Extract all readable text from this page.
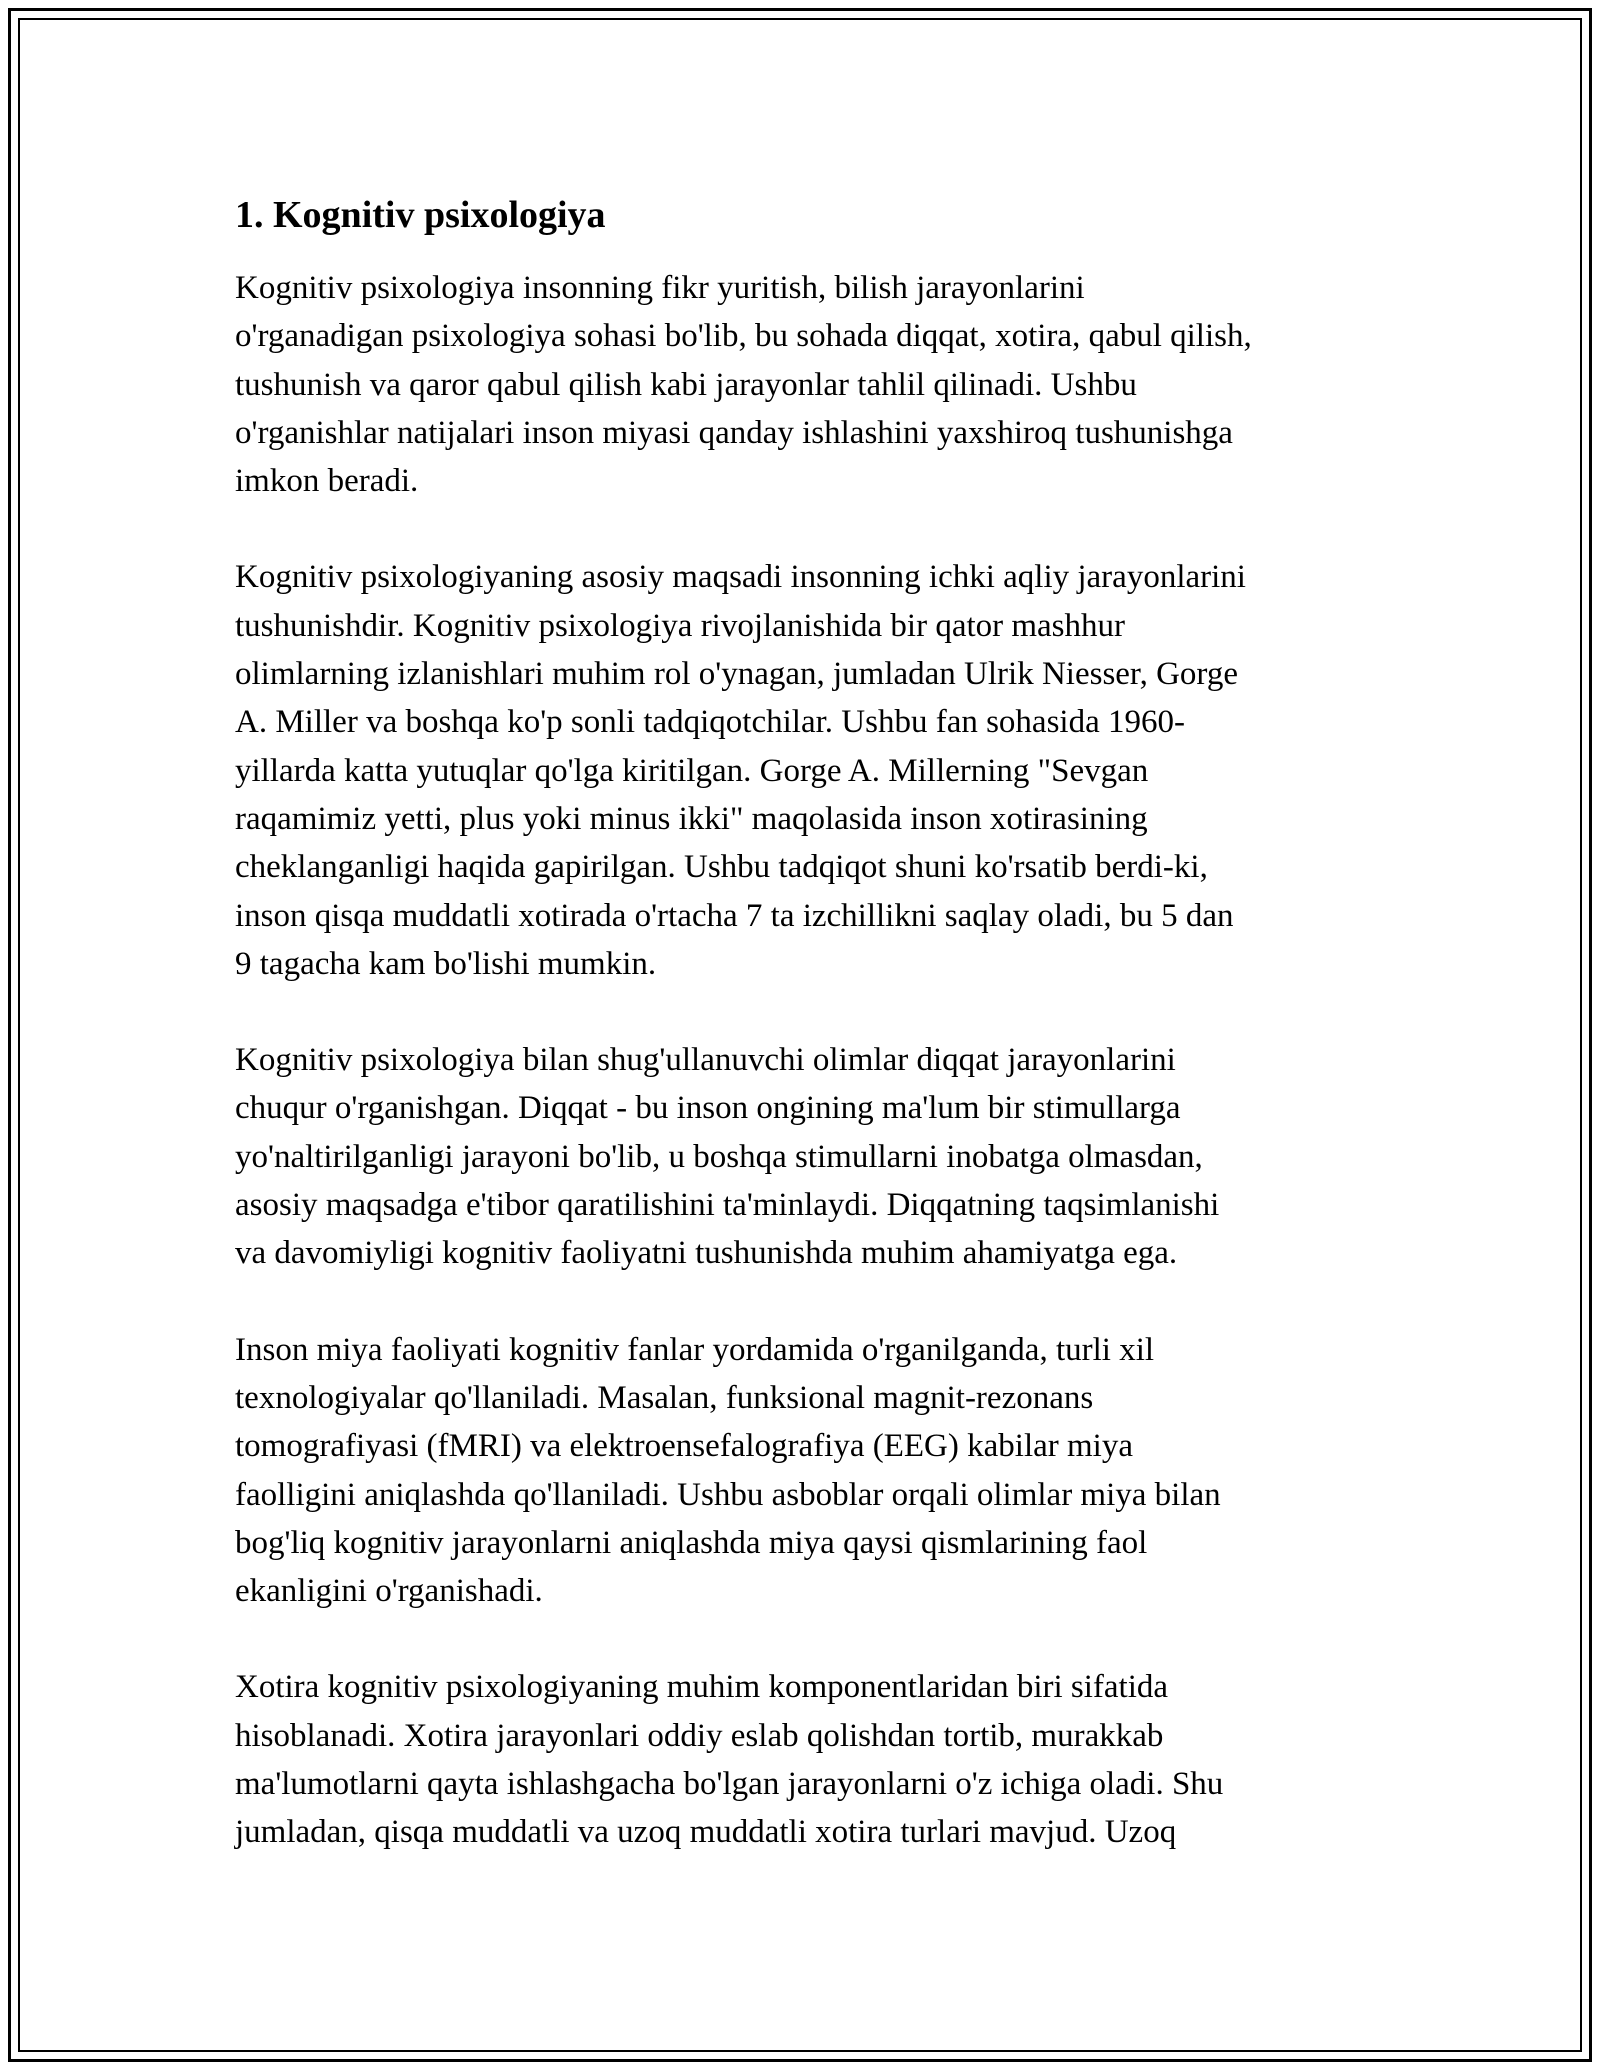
1. Kognitiv psixologiya
Kognitiv psixologiya insonning fikr yuritish, bilish jarayonlarini
o'rganadigan psixologiya sohasi bo'lib, bu sohada diqqat, xotira, qabul qilish,
tushunish va qaror qabul qilish kabi jarayonlar tahlil qilinadi. Ushbu
o'rganishlar natijalari inson miyasi qanday ishlashini yaxshiroq tushunishga
imkon beradi.
Kognitiv psixologiyaning asosiy maqsadi insonning ichki aqliy jarayonlarini
tushunishdir. Kognitiv psixologiya rivojlanishida bir qator mashhur
olimlarning izlanishlari muhim rol o'ynagan, jumladan Ulrik Niesser, Gorge
A. Miller va boshqa ko'p sonli tadqiqotchilar. Ushbu fan sohasida 1960-
yillarda katta yutuqlar qo'lga kiritilgan. Gorge A. Millerning "Sevgan
raqamimiz yetti, plus yoki minus ikki" maqolasida inson xotirasining
cheklanganligi haqida gapirilgan. Ushbu tadqiqot shuni ko'rsatib berdi-ki,
inson qisqa muddatli xotirada o'rtacha 7 ta izchillikni saqlay oladi, bu 5 dan
9 tagacha kam bo'lishi mumkin.
Kognitiv psixologiya bilan shug'ullanuvchi olimlar diqqat jarayonlarini
chuqur o'rganishgan. Diqqat - bu inson ongining ma'lum bir stimullarga
yo'naltirilganligi jarayoni bo'lib, u boshqa stimullarni inobatga olmasdan,
asosiy maqsadga e'tibor qaratilishini ta'minlaydi. Diqqatning taqsimlanishi
va davomiyligi kognitiv faoliyatni tushunishda muhim ahamiyatga ega.
Inson miya faoliyati kognitiv fanlar yordamida o'rganilganda, turli xil
texnologiyalar qo'llaniladi. Masalan, funksional magnit-rezonans
tomografiyasi (fMRI) va elektroensefalografiya (EEG) kabilar miya
faolligini aniqlashda qo'llaniladi. Ushbu asboblar orqali olimlar miya bilan
bog'liq kognitiv jarayonlarni aniqlashda miya qaysi qismlarining faol
ekanligini o'rganishadi.
Xotira kognitiv psixologiyaning muhim komponentlaridan biri sifatida
hisoblanadi. Xotira jarayonlari oddiy eslab qolishdan tortib, murakkab
ma'lumotlarni qayta ishlashgacha bo'lgan jarayonlarni o'z ichiga oladi. Shu
jumladan, qisqa muddatli va uzoq muddatli xotira turlari mavjud. Uzoq
